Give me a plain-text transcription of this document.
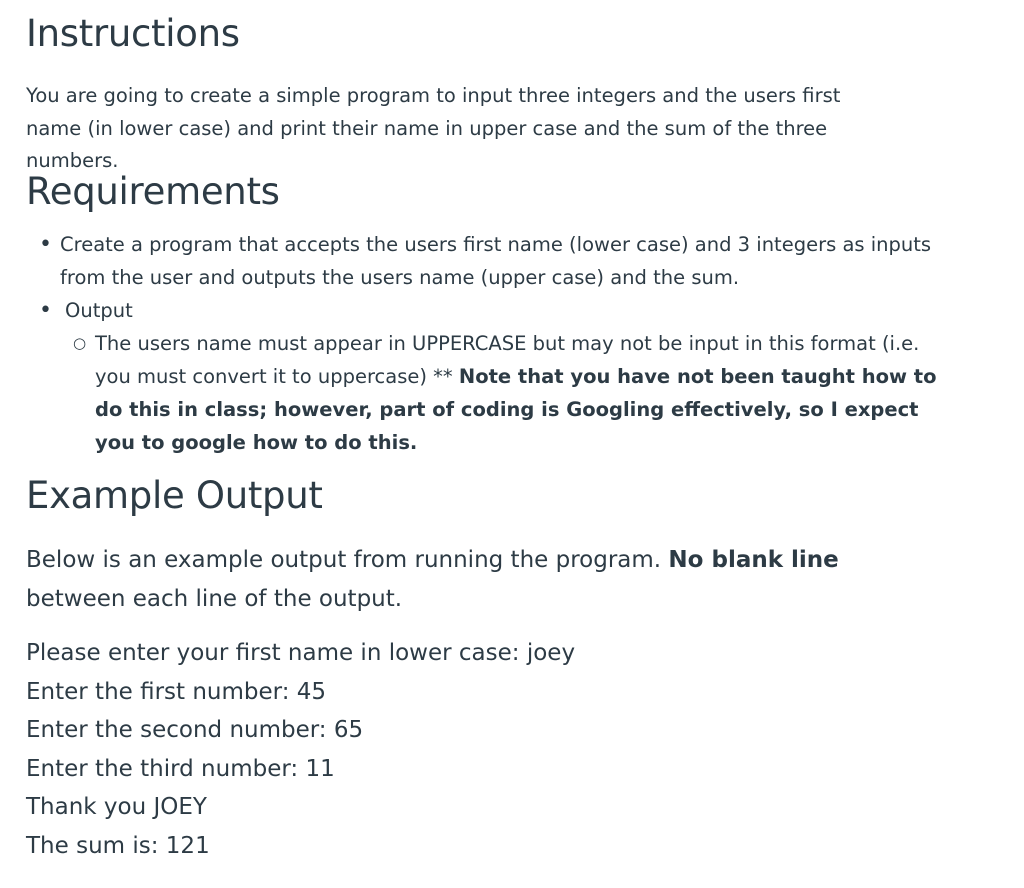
Instructions

You are going to create a simple program to input three integers and the users first name (in lower case) and print their name in upper case and the sum of the three numbers.

Requirements
• Create a program that accepts the users first name (lower case) and 3 integers as inputs from the user and outputs the users name (upper case) and the sum.
• Output
○ The users name must appear in UPPERCASE but may not be input in this format (i.e. you must convert it to uppercase) ** Note that you have not been taught how to do this in class; however, part of coding is Googling effectively, so I expect you to google how to do this.
Example Output

Below is an example output from running the program. No blank line between each line of the output.

Please enter your first name in lower case: joey
Enter the first number: 45
Enter the second number: 65
Enter the third number: 11
Thank you JOEY
The sum is: 121
